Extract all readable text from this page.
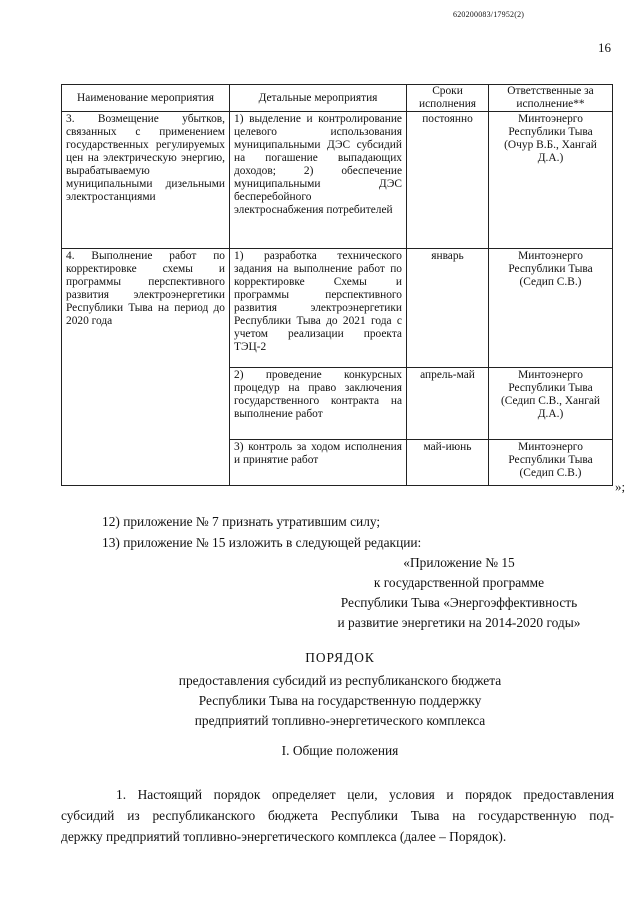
620200083/17952(2)
16
Наименование мероприятия	Детальные мероприятия	Сроки исполнения	Ответственные за исполнение**
3. Возмещение убытков, связанных с применением государственных регулируемых цен на электрическую энергию, вырабатываемую муниципальными дизельными электростанциями	1) выделение и контролирование целевого использования муниципальными ДЭС субсидий на погашение выпадающих доходов; 2) обеспечение муниципальными ДЭС бесперебойного электроснабжения потребителей	постоянно	Минтоэнерго Республики Тыва (Очур В.Б., Хангай Д.А.)
4. Выполнение работ по корректировке схемы и программы перспективного развития электроэнергетики Республики Тыва на период до 2020 года	1) разработка технического задания на выполнение работ по корректировке Схемы и программы перспективного развития электроэнергетики Республики Тыва до 2021 года с учетом реализации проекта ТЭЦ-2	январь	Минтоэнерго Республики Тыва (Седип С.В.)
	2) проведение конкурсных процедур на право заключения государственного контракта на выполнение работ	апрель-май	Минтоэнерго Республики Тыва (Седип С.В., Хангай Д.А.)
	3) контроль за ходом исполнения и принятие работ	май-июнь	Минтоэнерго Республики Тыва (Седип С.В.)
»;
12) приложение № 7 признать утратившим силу;
13) приложение № 15 изложить в следующей редакции:
«Приложение № 15
к государственной программе
Республики Тыва «Энергоэффективность
и развитие энергетики на 2014-2020 годы»
ПОРЯДОК
предоставления субсидий из республиканского бюджета
Республики Тыва на государственную поддержку
предприятий топливно-энергетического комплекса
I. Общие положения
1. Настоящий порядок определяет цели, условия и порядок предоставления
субсидий из республиканского бюджета Республики Тыва на государственную под-
держку предприятий топливно-энергетического комплекса (далее – Порядок).
